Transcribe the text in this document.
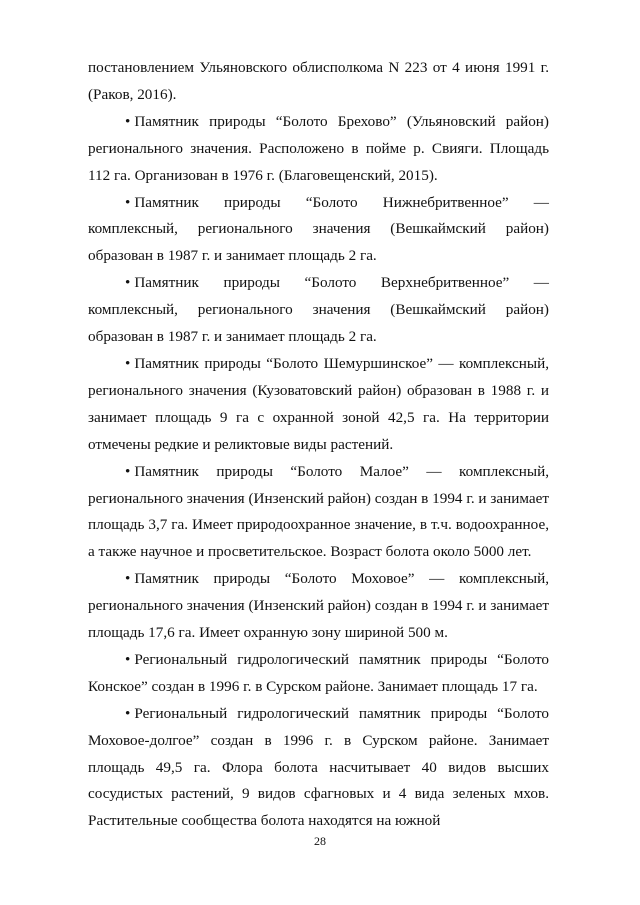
постановлением Ульяновского облисполкома N 223 от 4 июня 1991 г. (Раков, 2016).

• Памятник природы “Болото Брехово” (Ульяновский район) регионального значения. Расположено в пойме р. Свияги. Площадь 112 га. Организован в 1976 г. (Благовещенский, 2015).

• Памятник природы “Болото Нижнебритвенное” — комплексный, регионального значения (Вешкаймский район) образован в 1987 г. и занимает площадь 2 га.

• Памятник природы “Болото Верхнебритвенное” — комплексный, регионального значения (Вешкаймский район) образован в 1987 г. и занимает площадь 2 га.

• Памятник природы “Болото Шемуршинское” — комплексный, регионального значения (Кузоватовский район) образован в 1988 г. и занимает площадь 9 га с охранной зоной 42,5 га. На территории отмечены редкие и реликтовые виды растений.

• Памятник природы “Болото Малое” — комплексный, регионального значения (Инзенский район) создан в 1994 г. и занимает площадь 3,7 га. Имеет природоохранное значение, в т.ч. водоохранное, а также научное и просветительское. Возраст болота около 5000 лет.

• Памятник природы “Болото Моховое” — комплексный, регионального значения (Инзенский район) создан в 1994 г. и занимает площадь 17,6 га. Имеет охранную зону шириной 500 м.

• Региональный гидрологический памятник природы “Болото Конское” создан в 1996 г. в Сурском районе. Занимает площадь 17 га.

• Региональный гидрологический памятник природы “Болото Моховое-долгое” создан в 1996 г. в Сурском районе. Занимает площадь 49,5 га. Флора болота насчитывает 40 видов высших сосудистых растений, 9 видов сфагновых и 4 вида зеленых мхов. Растительные сообщества болота находятся на южной

28
